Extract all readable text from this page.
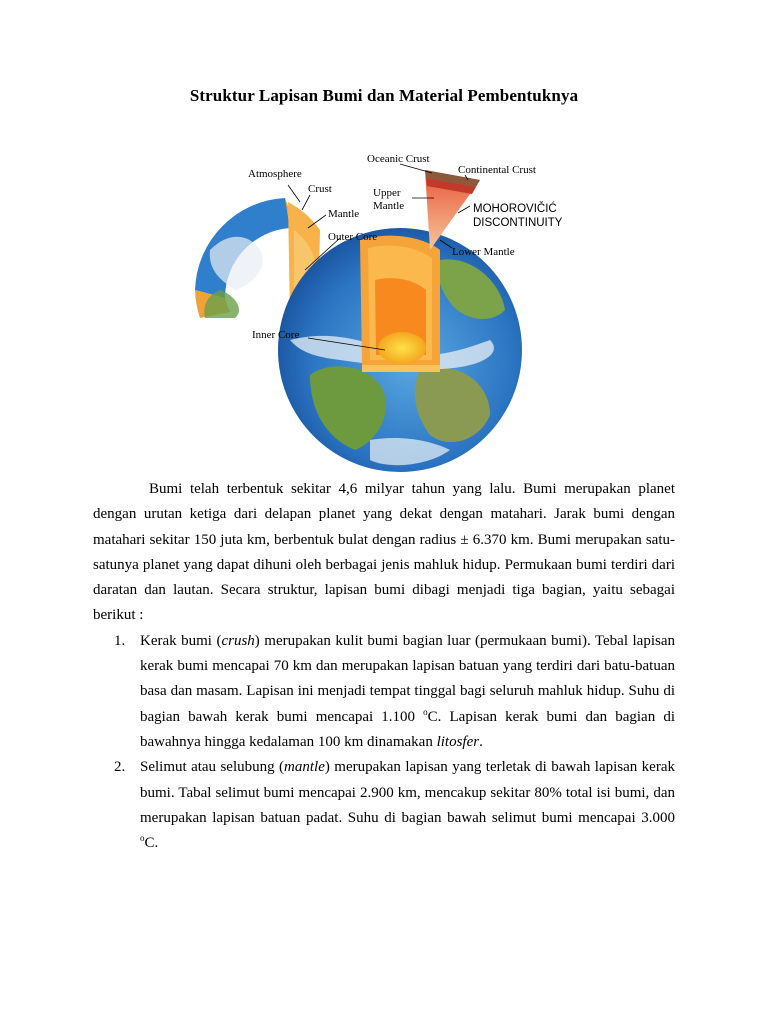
Struktur Lapisan Bumi dan Material Pembentuknya
Atmosphere
Crust
Mantle
Outer Core
Inner Core
Oceanic Crust
Continental Crust
Upper
Mantle	MOHOROVIČIĆ
DISCONTINUITY
Lower Mantle

Bumi telah terbentuk sekitar 4,6 milyar tahun yang lalu. Bumi merupakan planet dengan urutan ketiga dari delapan planet yang dekat dengan matahari. Jarak bumi dengan matahari sekitar 150 juta km, berbentuk bulat dengan radius ± 6.370 km. Bumi merupakan satu-satunya planet yang dapat dihuni oleh berbagai jenis mahluk hidup. Permukaan bumi terdiri dari daratan dan lautan. Secara struktur, lapisan bumi dibagi menjadi tiga bagian, yaitu sebagai berikut :

1. Kerak bumi (crush) merupakan kulit bumi bagian luar (permukaan bumi). Tebal lapisan kerak bumi mencapai 70 km dan merupakan lapisan batuan yang terdiri dari batu-batuan basa dan masam. Lapisan ini menjadi tempat tinggal bagi seluruh mahluk hidup. Suhu di bagian bawah kerak bumi mencapai 1.100 $^o$C. Lapisan kerak bumi dan bagian di bawahnya hingga kedalaman 100 km dinamakan litosfer.
2. Selimut atau selubung (mantle) merupakan lapisan yang terletak di bawah lapisan kerak bumi. Tabal selimut bumi mencapai 2.900 km, mencakup sekitar 80% total isi bumi, dan merupakan lapisan batuan padat. Suhu di bagian bawah selimut bumi mencapai 3.000 $^o$C.
